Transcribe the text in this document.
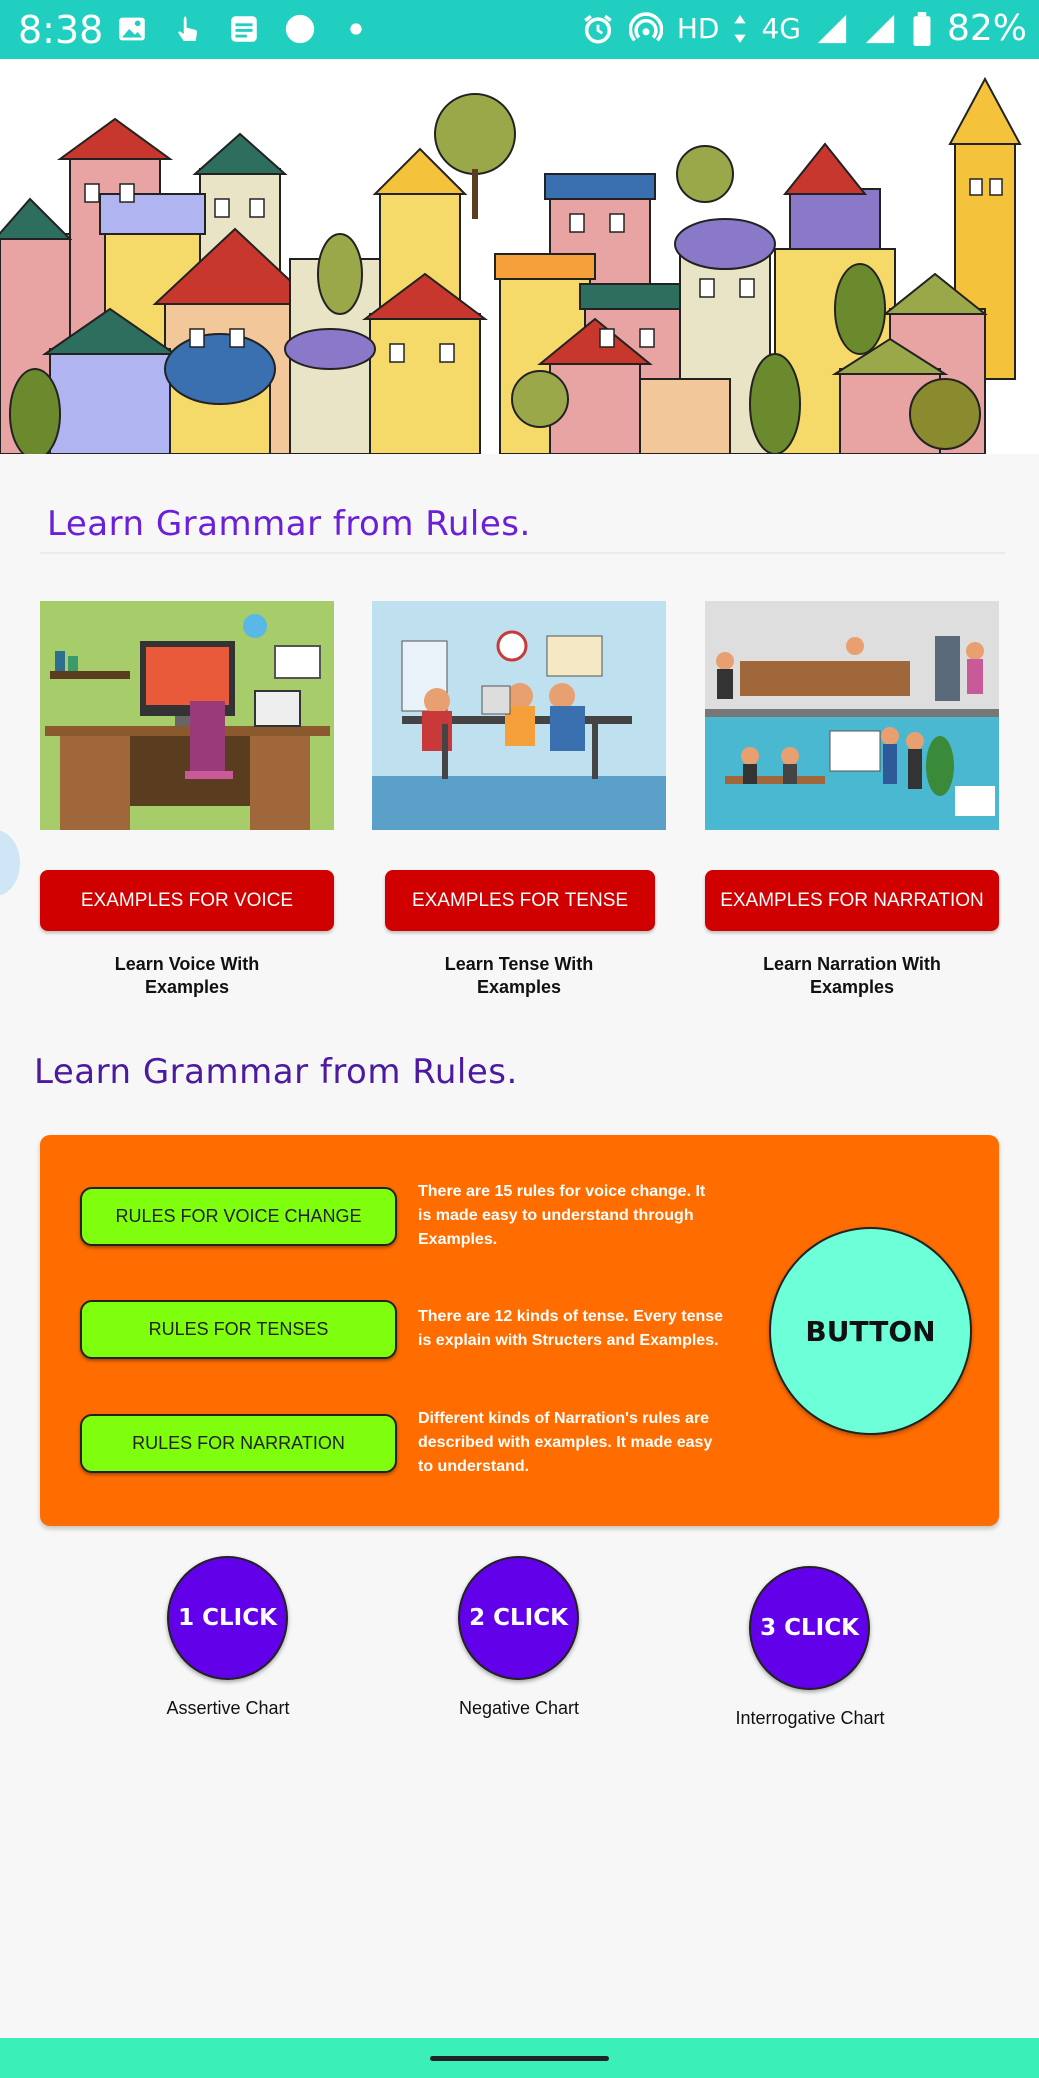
8:38	HD 4G	82%
Learn Grammar from Rules.
EXAMPLES FOR VOICE	EXAMPLES FOR TENSE	EXAMPLES FOR NARRATION
Learn Voice With
Examples
Learn Tense With
Examples
Learn Narration With
Examples
Learn Grammar from Rules.
RULES FOR VOICE CHANGE
There are 15 rules for voice change. It is made easy to understand through Examples.
RULES FOR TENSES
There are 12 kinds of tense. Every tense is explain with Structers and Examples.
RULES FOR NARRATION
Different kinds of Narration's rules are described with examples. It made easy to understand.
BUTTON
1 CLICK
Assertive Chart
2 CLICK
Negative Chart
3 CLICK
Interrogative Chart
